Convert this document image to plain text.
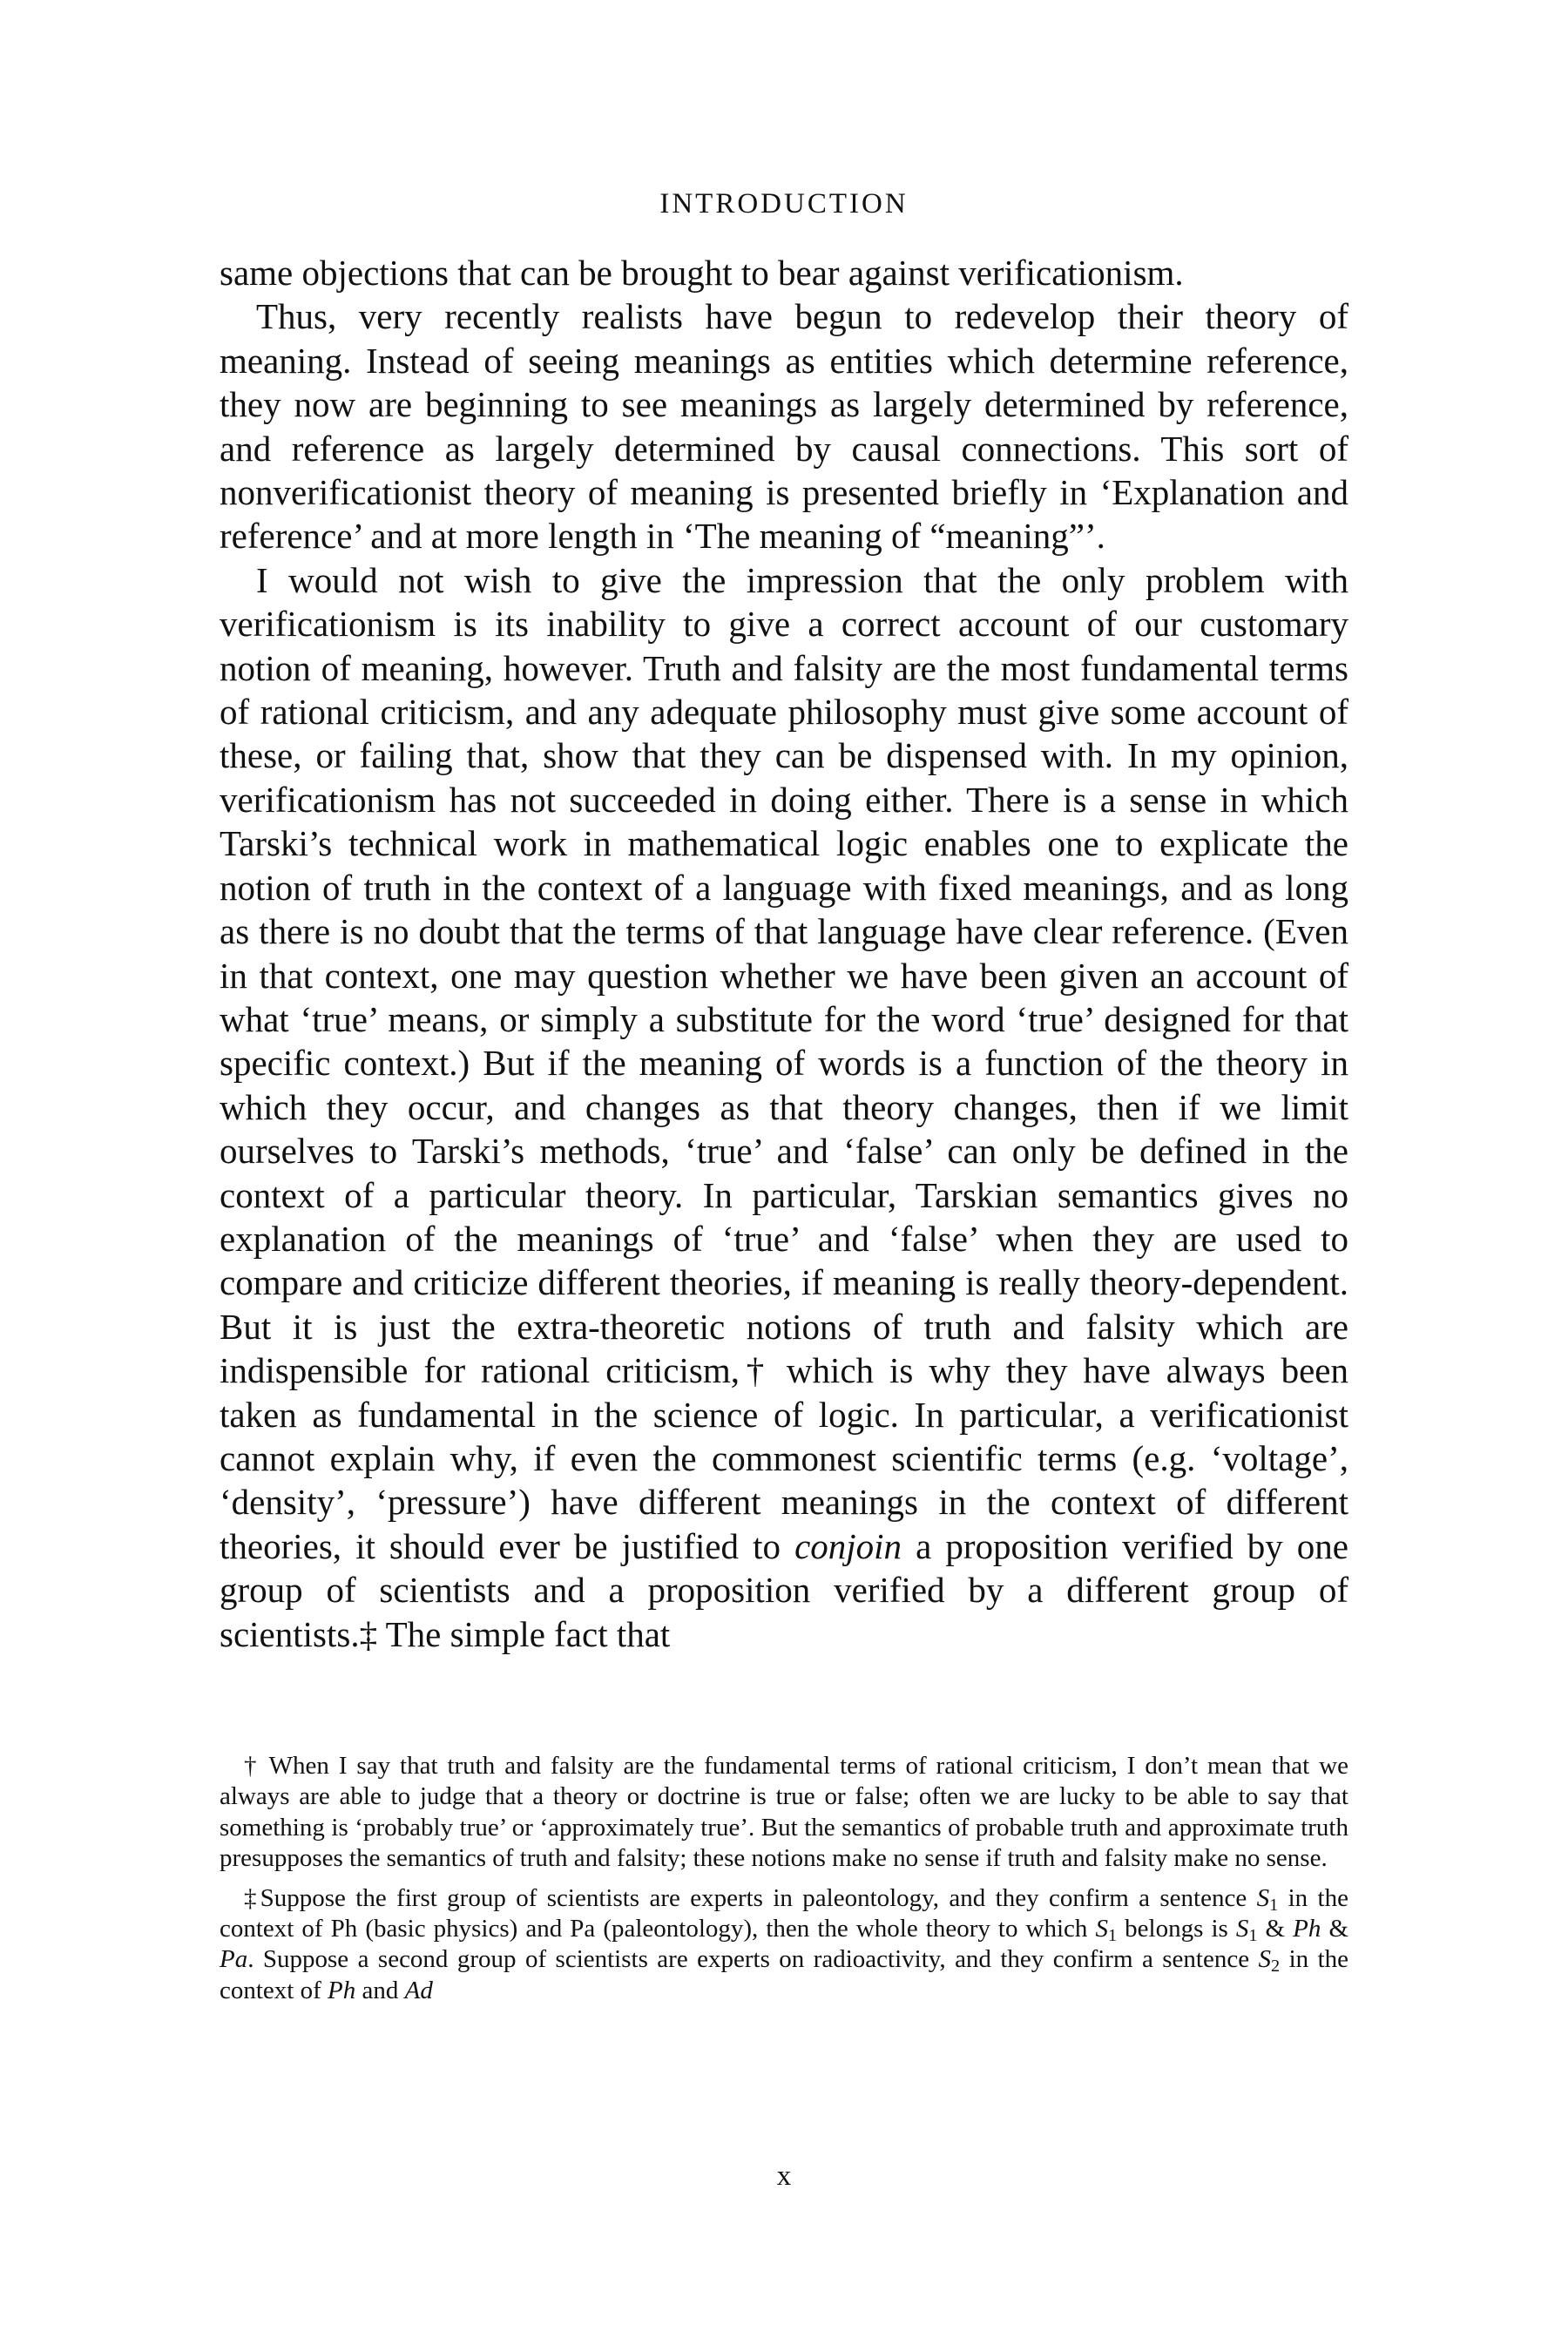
INTRODUCTION

same objections that can be brought to bear against verificationism.

Thus, very recently realists have begun to redevelop their theory of meaning. Instead of seeing meanings as entities which determine reference, they now are beginning to see meanings as largely determined by reference, and reference as largely determined by causal connections. This sort of nonverificationist theory of meaning is presented briefly in ‘Explanation and reference’ and at more length in ‘The meaning of “meaning”’.

I would not wish to give the impression that the only problem with verificationism is its inability to give a correct account of our customary notion of meaning, however. Truth and falsity are the most fundamental terms of rational criticism, and any adequate philosophy must give some account of these, or failing that, show that they can be dispensed with. In my opinion, verificationism has not succeeded in doing either. There is a sense in which Tarski’s technical work in mathematical logic enables one to explicate the notion of truth in the context of a language with fixed meanings, and as long as there is no doubt that the terms of that language have clear reference. (Even in that context, one may question whether we have been given an account of what ‘true’ means, or simply a substitute for the word ‘true’ designed for that specific context.) But if the meaning of words is a function of the theory in which they occur, and changes as that theory changes, then if we limit ourselves to Tarski’s methods, ‘true’ and ‘false’ can only be defined in the context of a particular theory. In particular, Tarskian semantics gives no explanation of the meanings of ‘true’ and ‘false’ when they are used to compare and criticize different theories, if meaning is really theory-dependent. But it is just the extra-theoretic notions of truth and falsity which are indispensible for rational criticism,† which is why they have always been taken as fundamental in the science of logic. In particular, a verificationist cannot explain why, if even the commonest scientific terms (e.g. ‘voltage’, ‘density’, ‘pressure’) have different meanings in the context of different theories, it should ever be justified to conjoin a proposition verified by one group of scientists and a proposition verified by a different group of scientists.‡ The simple fact that

† When I say that truth and falsity are the fundamental terms of rational criticism, I don’t mean that we always are able to judge that a theory or doctrine is true or false; often we are lucky to be able to say that something is ‘probably true’ or ‘approximately true’. But the semantics of probable truth and approximate truth presupposes the semantics of truth and falsity; these notions make no sense if truth and falsity make no sense.

‡Suppose the first group of scientists are experts in paleontology, and they confirm a sentence $S_1$ in the context of Ph (basic physics) and Pa (paleontology), then the whole theory to which $S_1$ belongs is $S_1$ & Ph & Pa. Suppose a second group of scientists are experts on radioactivity, and they confirm a sentence $S_2$ in the context of Ph and Ad

x
